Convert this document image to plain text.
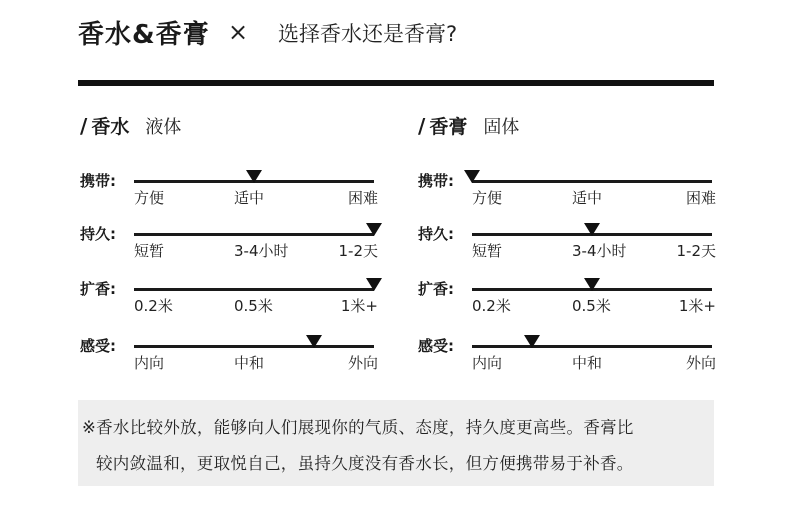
香水&香膏 × 选择香水还是香膏?
/ 香水 液体
携带:
方便	适中	困难
持久:
短暂	3-4小时	1-2天
扩香:
0.2米	0.5米	1米+
感受:
内向	中和	外向
/ 香膏 固体
携带:
方便	适中	困难
持久:
短暂	3-4小时	1-2天
扩香:
0.2米	0.5米	1米+
感受:
内向	中和	外向
※香水比较外放，能够向人们展现你的气质、态度，持久度更高些。香膏比
较内敛温和，更取悦自己，虽持久度没有香水长，但方便携带易于补香。
